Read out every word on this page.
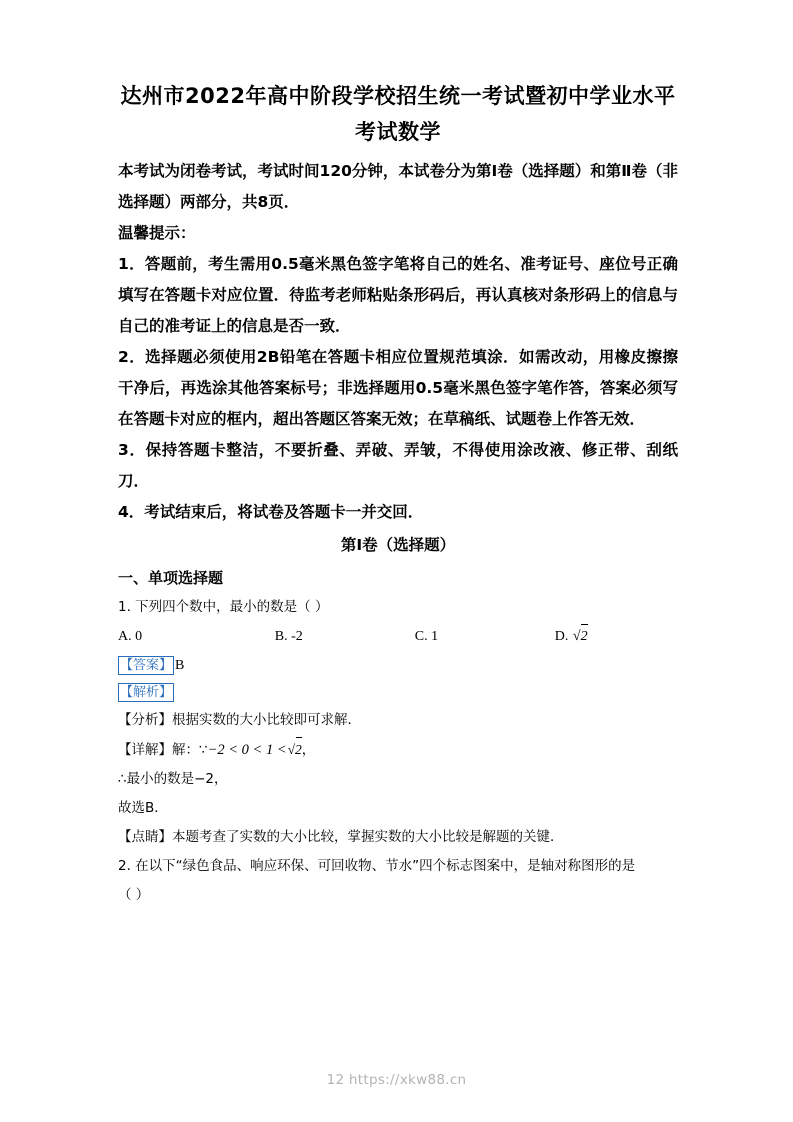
达州市2022年高中阶段学校招生统一考试暨初中学业水平
考试数学

本考试为闭卷考试，考试时间120分钟，本试卷分为第Ⅰ卷（选择题）和第Ⅱ卷（非选择题）两部分，共8页．

温馨提示：

1．答题前，考生需用0.5毫米黑色签字笔将自己的姓名、准考证号、座位号正确填写在答题卡对应位置．待监考老师粘贴条形码后，再认真核对条形码上的信息与自己的准考证上的信息是否一致．

2．选择题必须使用2B铅笔在答题卡相应位置规范填涂．如需改动，用橡皮擦擦干净后，再选涂其他答案标号；非选择题用0.5毫米黑色签字笔作答，答案必须写在答题卡对应的框内，超出答题区答案无效；在草稿纸、试题卷上作答无效．

3．保持答题卡整洁，不要折叠、弄破、弄皱，不得使用涂改液、修正带、刮纸刀．

4．考试结束后，将试卷及答题卡一并交回．

第Ⅰ卷（选择题）

一、单项选择题

1. 下列四个数中，最小的数是（ ）

A. 0	B. -2	C. 1	D. √
2

【答案】 B

【解析】

【分析】根据实数的大小比较即可求解．

【详解】解：∵−2 < 0 < 1 <√
2，

∴最小的数是−2，

故选B．

【点睛】本题考查了实数的大小比较，掌握实数的大小比较是解题的关键．

2. 在以下“绿色食品、响应环保、可回收物、节水”四个标志图案中，是轴对称图形的是

（ ）

12 https://xkw88.cn
